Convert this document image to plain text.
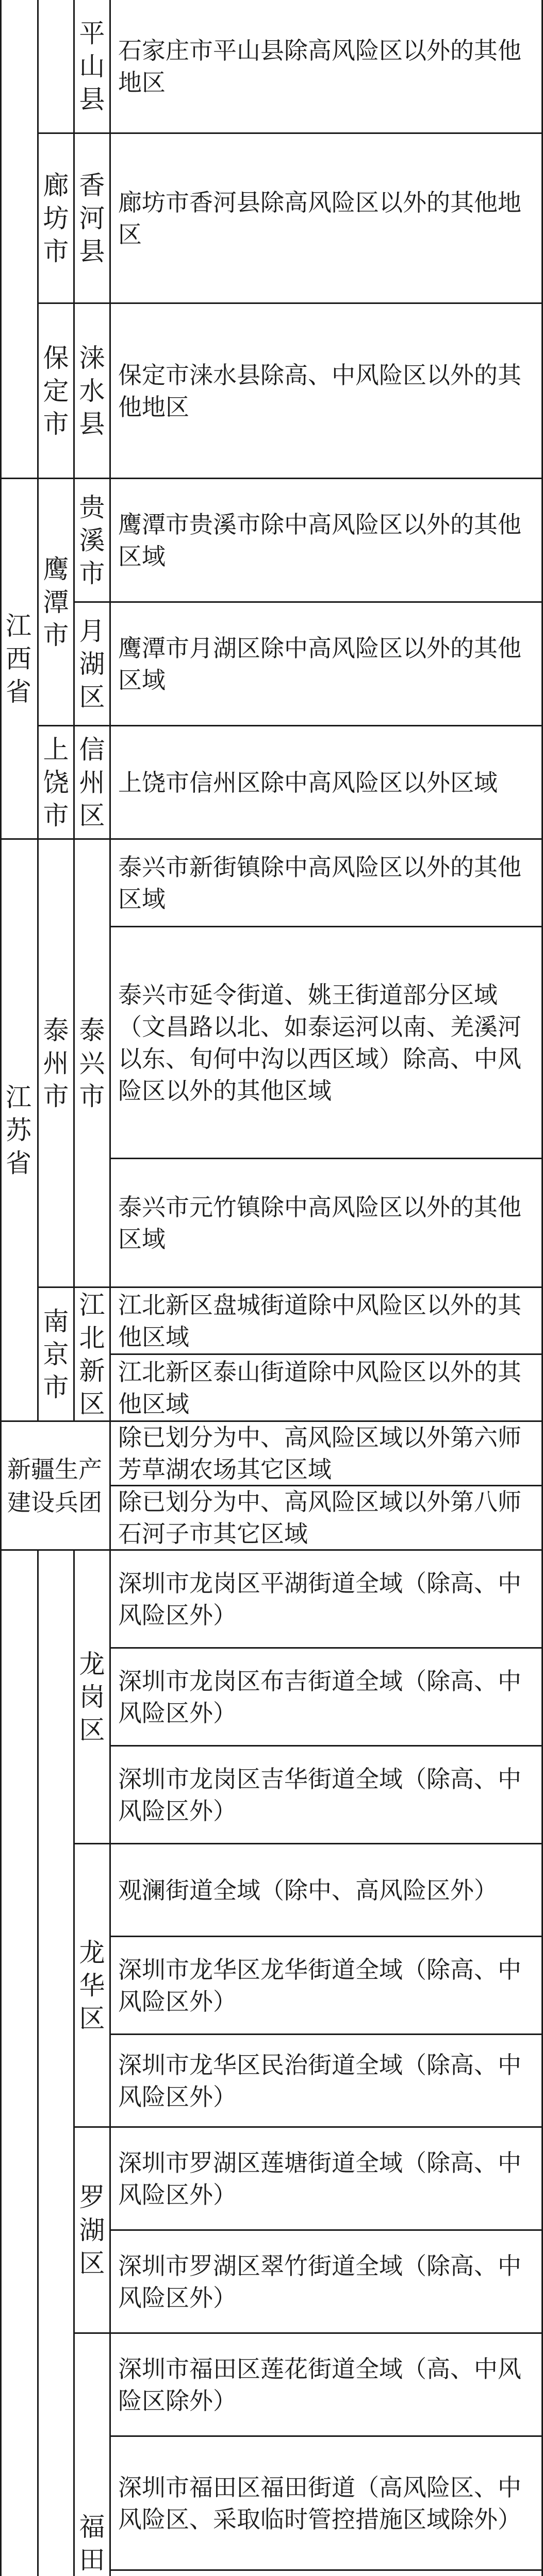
江西省
江苏省
新疆生产建设兵团
廊坊市
保定市
鹰潭市
上饶市
泰州市
南京市
平山县
香河县
涞水县
贵溪市
月湖区
信州区
泰兴市
江北新区
龙岗区
龙华区
罗湖区
福田
石家庄市平山县除高风险区以外的其他地区
廊坊市香河县除高风险区以外的其他地区
保定市涞水县除高、中风险区以外的其他地区
鹰潭市贵溪市除中高风险区以外的其他区域
鹰潭市月湖区除中高风险区以外的其他区域
上饶市信州区除中高风险区以外区域
泰兴市新街镇除中高风险区以外的其他区域
泰兴市延令街道、姚王街道部分区域（文昌路以北、如泰运河以南、羌溪河以东、旬何中沟以西区域）除高、中风险区以外的其他区域
泰兴市元竹镇除中高风险区以外的其他区域
江北新区盘城街道除中风险区以外的其他区域
江北新区泰山街道除中风险区以外的其他区域
除已划分为中、高风险区域以外第六师芳草湖农场其它区域
除已划分为中、高风险区域以外第八师石河子市其它区域
深圳市龙岗区平湖街道全域（除高、中风险区外）
深圳市龙岗区布吉街道全域（除高、中风险区外）
深圳市龙岗区吉华街道全域（除高、中风险区外）
观澜街道全域（除中、高风险区外）
深圳市龙华区龙华街道全域（除高、中风险区外）
深圳市龙华区民治街道全域（除高、中风险区外）
深圳市罗湖区莲塘街道全域（除高、中风险区外）
深圳市罗湖区翠竹街道全域（除高、中风险区外）
深圳市福田区莲花街道全域（高、中风险区除外）
深圳市福田区福田街道（高风险区、中风险区、采取临时管控措施区域除外）
